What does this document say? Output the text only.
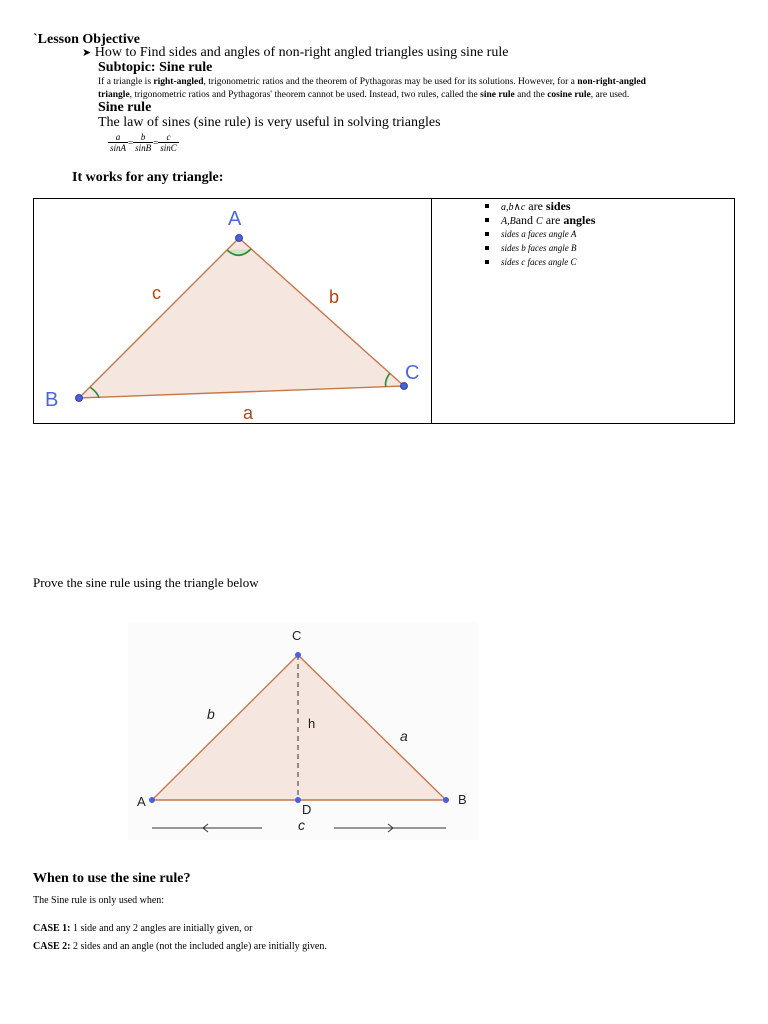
`Lesson Objective
➤ How to Find sides and angles of non-right angled triangles using sine rule
Subtopic: Sine rule
If a triangle is right-angled, trigonometric ratios and the theorem of Pythagoras may be used for its solutions. However, for a non-right-angled
triangle, trigonometric ratios and Pythagoras' theorem cannot be used. Instead, two rules, called the sine rule and the cosine rule, are used.
Sine rule
The law of sines (sine rule) is very useful in solving triangles
$\frac{a}{\sin A} = \frac{b}{\sin B} = \frac{c}{\sin C}$
It works for any triangle:
A
B
C
c	b
a
a,b∧c are sides
A,Band C are angles
sides a faces angle A
sides b faces angle B
sides c faces angle C
Prove the sine rule using the triangle below
C
A	B
D
h
b
a
c
When to use the sine rule?
The Sine rule is only used when:
CASE 1: 1 side and any 2 angles are initially given, or
CASE 2: 2 sides and an angle (not the included angle) are initially given.
